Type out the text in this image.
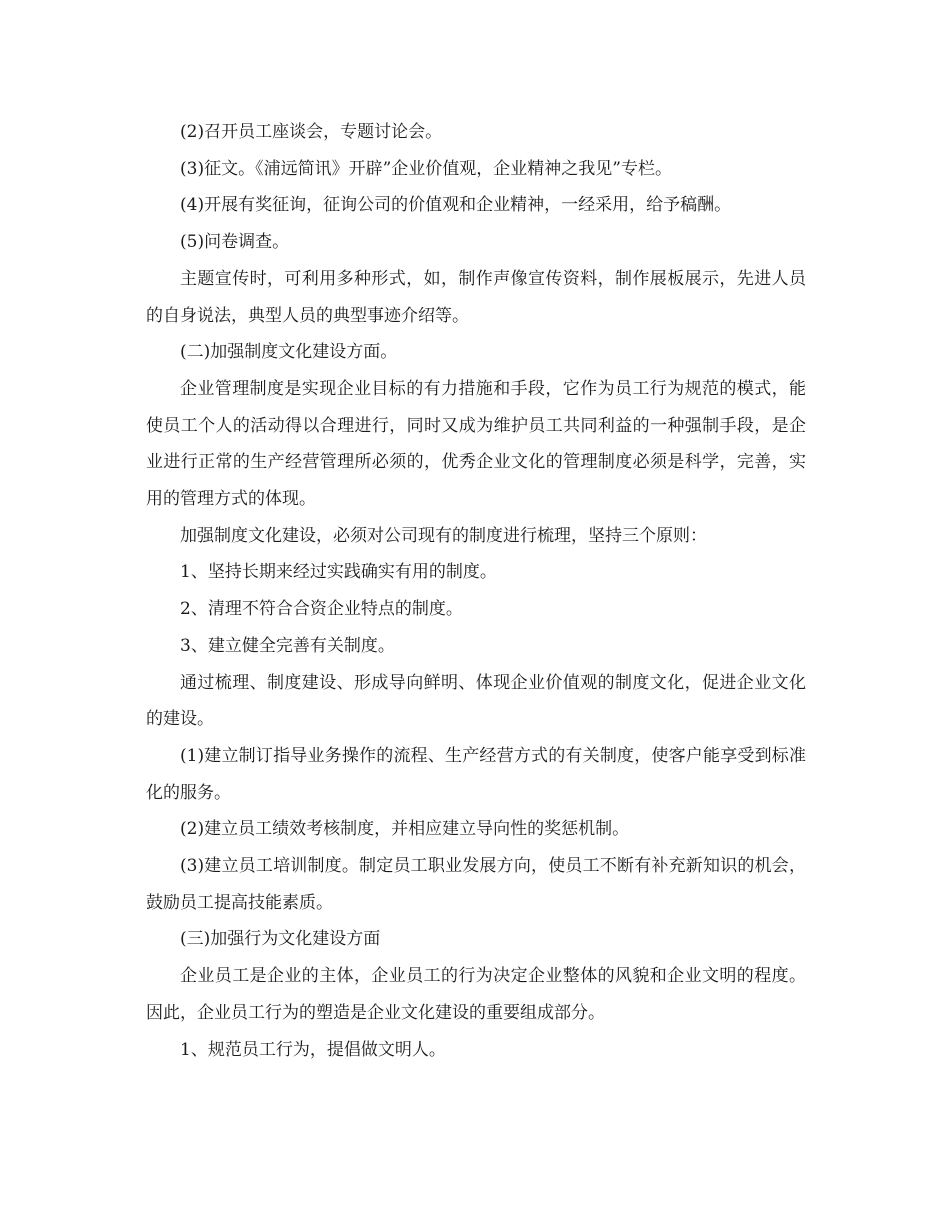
(2)召开员工座谈会，专题讨论会。

(3)征文。《浦远简讯》开辟”企业价值观，企业精神之我见”专栏。

(4)开展有奖征询，征询公司的价值观和企业精神，一经采用，给予稿酬。

(5)问卷调查。

主题宣传时，可利用多种形式，如，制作声像宣传资料，制作展板展示，先进人员的自身说法，典型人员的典型事迹介绍等。

(二)加强制度文化建设方面。

企业管理制度是实现企业目标的有力措施和手段，它作为员工行为规范的模式，能使员工个人的活动得以合理进行，同时又成为维护员工共同利益的一种强制手段，是企业进行正常的生产经营管理所必须的，优秀企业文化的管理制度必须是科学，完善，实用的管理方式的体现。

加强制度文化建设，必须对公司现有的制度进行梳理，坚持三个原则：

1、坚持长期来经过实践确实有用的制度。

2、清理不符合合资企业特点的制度。

3、建立健全完善有关制度。

通过梳理、制度建设、形成导向鲜明、体现企业价值观的制度文化，促进企业文化的建设。

(1)建立制订指导业务操作的流程、生产经营方式的有关制度，使客户能享受到标准化的服务。

(2)建立员工绩效考核制度，并相应建立导向性的奖惩机制。

(3)建立员工培训制度。制定员工职业发展方向，使员工不断有补充新知识的机会，鼓励员工提高技能素质。

(三)加强行为文化建设方面

企业员工是企业的主体，企业员工的行为决定企业整体的风貌和企业文明的程度。因此，企业员工行为的塑造是企业文化建设的重要组成部分。

1、规范员工行为，提倡做文明人。
